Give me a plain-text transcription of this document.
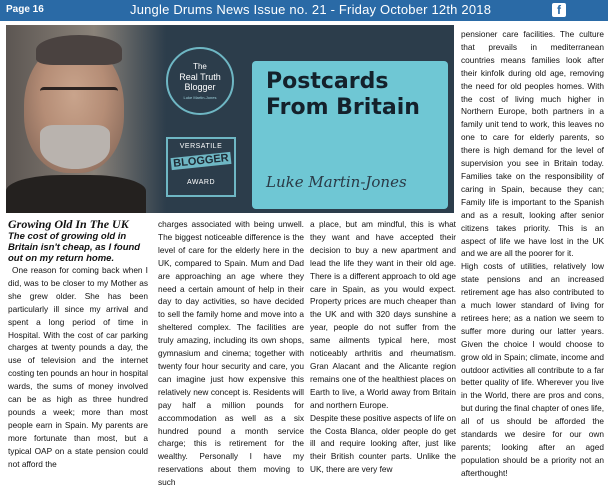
Page 16	Jungle Drums News Issue no. 21 - Friday October 12th 2018	f
The
Real Truth Blogger
Luke Martin-Jones
VERSATILE
BLOGGER
AWARD
Postcards From Britain
Luke Martin-Jones

Growing Old In The UK

The cost of growing old in Britain isn't cheap, as I found out on my return home.

One reason for coming back when I did, was to be closer to my Mother as she grew older. She has been particularly ill since my arrival and spent a long period of time in Hospital. With the cost of car parking charges at twenty pounds a day, the use of television and the internet costing ten pounds an hour in hospital wards, the sums of money involved can be as high as three hundred pounds a week; more than most people earn in Spain. My parents are more fortunate than most, but a typical OAP on a state pension could not afford the

charges associated with being unwell. The biggest noticeable difference is the level of care for the elderly here in the UK, compared to Spain. Mum and Dad are approaching an age where they need a certain amount of help in their day to day activities, so have decided to sell the family home and move into a sheltered complex. The facilities are truly amazing, including its own shops, gymnasium and cinema; together with twenty four hour security and care, you can imagine just how expensive this relatively new concept is. Residents will pay half a million pounds for accommodation as well as a six hundred pound a month service charge; this is retirement for the wealthy. Personally I have my reservations about them moving to such

a place, but am mindful, this is what they want and have accepted their decision to buy a new apartment and lead the life they want in their old age. There is a different approach to old age care in Spain, as you would expect. Property prices are much cheaper than the UK and with 320 days sunshine a year, people do not suffer from the same ailments typical here, most noticeably arthritis and rheumatism. Gran Alacant and the Alicante region remains one of the healthiest places on Earth to live, a World away from Britain and northern Europe.

Despite these positive aspects of life on the Costa Blanca, older people do get ill and require looking after, just like their British counter parts. Unlike the UK, there are very few

pensioner care facilities. The culture that prevails in mediterranean countries means families look after their kinfolk during old age, removing the need for old peoples homes. With the cost of living much higher in Northern Europe, both partners in a family unit tend to work, this leaves no one to care for elderly parents, so there is high demand for the level of supervision you see in Britain today. Families take on the responsibility of caring in Spain, because they can; Family life is important to the Spanish and as a result, looking after senior citizens takes priority. This is an aspect of life we have lost in the UK and we are all the poorer for it.

High costs of utilities, relatively low state pensions and an increased retirement age has also contributed to a much lower standard of living for retirees here; as a nation we seem to suffer more during our latter years. Given the choice I would choose to grow old in Spain; climate, income and outdoor activities all contribute to a far better quality of life. Wherever you live in the World, there are pros and cons, but during the final chapter of ones life, all of us should be afforded the standards we desire for our own parents; looking after an aged population should be a priority not an afterthought!
